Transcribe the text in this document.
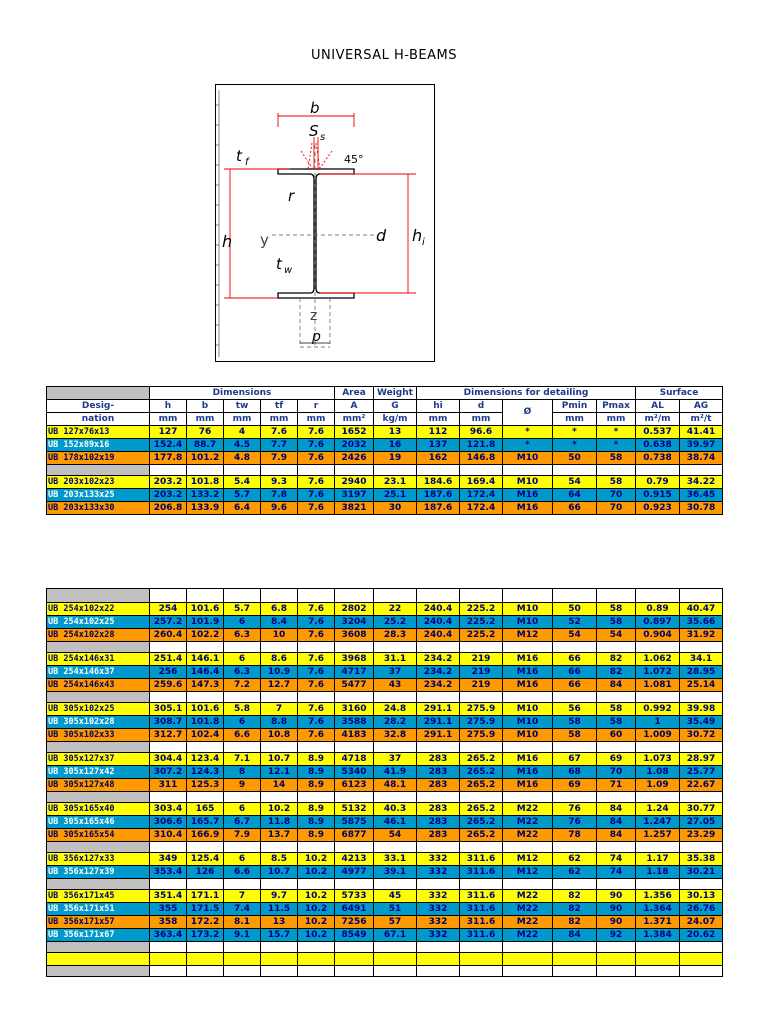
UNIVERSAL H-BEAMS
b
S s
t f	45°
r
h y	d h i
t w
z
p
	Dimensions					Area	Weight	Dimensions for detailing					Surface	
Desig-	h	b	tw	tf	r	A	G	hi	d	Ø	Pmin	Pmax	AL	AG
nation	mm	mm	mm	mm	mm	mm²	kg/m	mm	mm		mm	mm	m²/m	m²/t
UB 127x76x13	127	76	4	7.6	7.6	1652	13	112	96.6	*	*	*	0.537	41.41
UB 152x89x16	152.4	88.7	4.5	7.7	7.6	2032	16	137	121.8	*	*	*	0.638	39.97
UB 178x102x19	177.8	101.2	4.8	7.9	7.6	2426	19	162	146.8	M10	50	58	0.738	38.74

UB 203x102x23	203.2	101.8	5.4	9.3	7.6	2940	23.1	184.6	169.4	M10	54	58	0.79	34.22
UB 203x133x25	203.2	133.2	5.7	7.8	7.6	3197	25.1	187.6	172.4	M16	64	70	0.915	36.45
UB 203x133x30	206.8	133.9	6.4	9.6	7.6	3821	30	187.6	172.4	M16	66	70	0.923	30.78

UB 254x102x22	254	101.6	5.7	6.8	7.6	2802	22	240.4	225.2	M10	50	58	0.89	40.47
UB 254x102x25	257.2	101.9	6	8.4	7.6	3204	25.2	240.4	225.2	M10	52	58	0.897	35.66
UB 254x102x28	260.4	102.2	6.3	10	7.6	3608	28.3	240.4	225.2	M12	54	54	0.904	31.92

UB 254x146x31	251.4	146.1	6	8.6	7.6	3968	31.1	234.2	219	M16	66	82	1.062	34.1
UB 254x146x37	256	146.4	6.3	10.9	7.6	4717	37	234.2	219	M16	66	82	1.072	28.95
UB 254x146x43	259.6	147.3	7.2	12.7	7.6	5477	43	234.2	219	M16	66	84	1.081	25.14

UB 305x102x25	305.1	101.6	5.8	7	7.6	3160	24.8	291.1	275.9	M10	56	58	0.992	39.98
UB 305x102x28	308.7	101.8	6	8.8	7.6	3588	28.2	291.1	275.9	M10	58	58	1	35.49
UB 305x102x33	312.7	102.4	6.6	10.8	7.6	4183	32.8	291.1	275.9	M10	58	60	1.009	30.72

UB 305x127x37	304.4	123.4	7.1	10.7	8.9	4718	37	283	265.2	M16	67	69	1.073	28.97
UB 305x127x42	307.2	124.3	8	12.1	8.9	5340	41.9	283	265.2	M16	68	70	1.08	25.77
UB 305x127x48	311	125.3	9	14	8.9	6123	48.1	283	265.2	M16	69	71	1.09	22.67

UB 305x165x40	303.4	165	6	10.2	8.9	5132	40.3	283	265.2	M22	76	84	1.24	30.77
UB 305x165x46	306.6	165.7	6.7	11.8	8.9	5875	46.1	283	265.2	M22	76	84	1.247	27.05
UB 305x165x54	310.4	166.9	7.9	13.7	8.9	6877	54	283	265.2	M22	78	84	1.257	23.29

UB 356x127x33	349	125.4	6	8.5	10.2	4213	33.1	332	311.6	M12	62	74	1.17	35.38
UB 356x127x39	353.4	126	6.6	10.7	10.2	4977	39.1	332	311.6	M12	62	74	1.18	30.21

UB 356x171x45	351.4	171.1	7	9.7	10.2	5733	45	332	311.6	M22	82	90	1.356	30.13
UB 356x171x51	355	171.5	7.4	11.5	10.2	6491	51	332	311.6	M22	82	90	1.364	26.76
UB 356x171x57	358	172.2	8.1	13	10.2	7256	57	332	311.6	M22	82	90	1.371	24.07
UB 356x171x67	363.4	173.2	9.1	15.7	10.2	8549	67.1	332	311.6	M22	84	92	1.384	20.62
